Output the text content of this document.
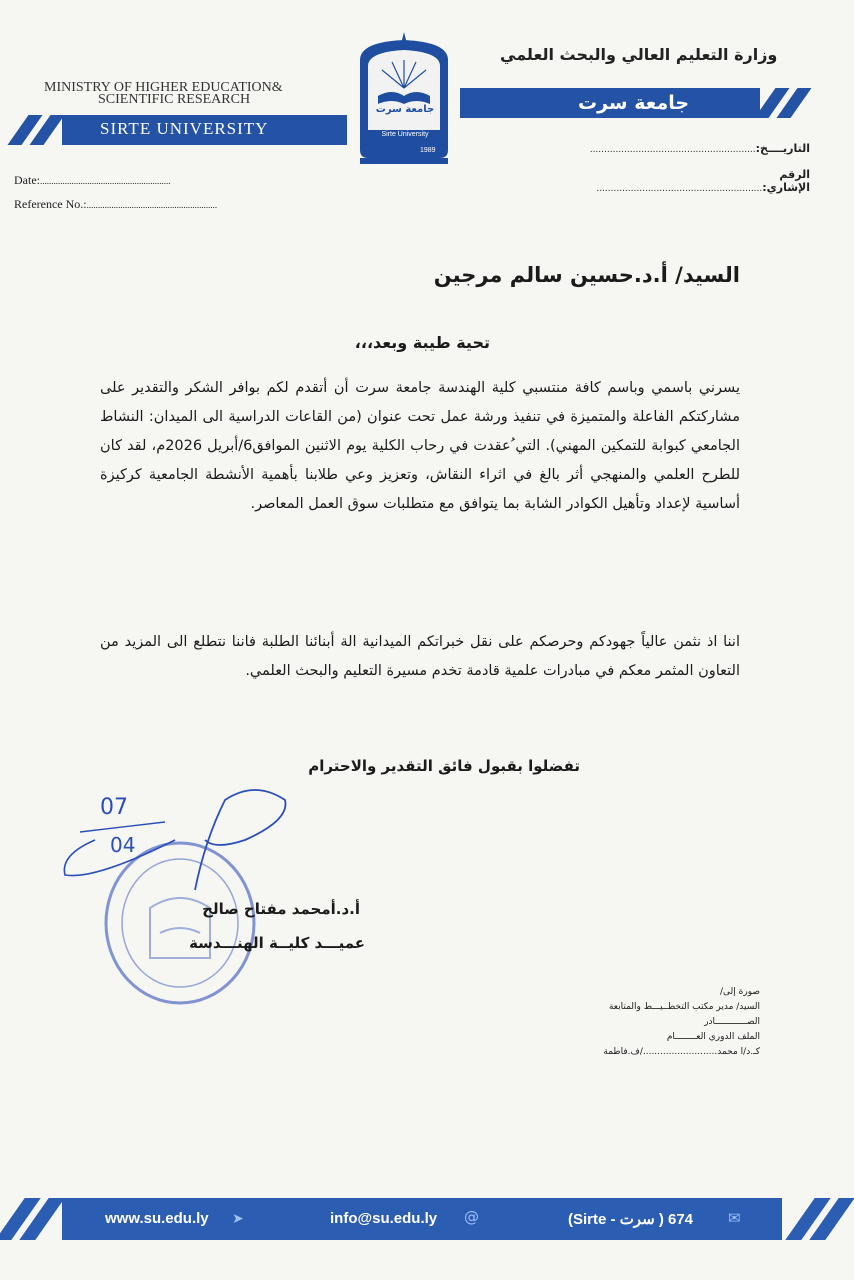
MINISTRY OF HIGHER EDUCATION&
SCIENTIFIC RESEARCH
SIRTE UNIVERSITY
جامعة سرت
وزارة التعليم العالي والبحث العلمي
جامعة سرت
Sirte University
1989
Date:..........................................................
Reference No.:..........................................................
التاريــــخ:..........................................................
الرقم الإشاري:..........................................................
السيد/ أ.د.حسين سالم مرجين
تحية طيبة وبعد،،،
يسرني باسمي وباسم كافة منتسبي كلية الهندسة جامعة سرت أن أتقدم لكم بوافر الشكر والتقدير على مشاركتكم الفاعلة والمتميزة في تنفيذ ورشة عمل تحت عنوان (من القاعات الدراسية الى الميدان: النشاط الجامعي كبوابة للتمكين المهني). التي ُعقدت في رحاب الكلية يوم الاثنين الموافق6/أبريل 2026م، لقد كان للطرح العلمي والمنهجي أثر بالغ في اثراء النقاش، وتعزيز وعي طلابنا بأهمية الأنشطة الجامعية كركيزة أساسية لإعداد وتأهيل الكوادر الشابة بما يتوافق مع متطلبات سوق العمل المعاصر.
اننا اذ نثمن عالياً جهودكم وحرصكم على نقل خبراتكم الميدانية الة أبنائنا الطلبة فاننا نتطلع الى المزيد من التعاون المثمر معكم في مبادرات علمية قادمة تخدم مسيرة التعليم والبحث العلمي.
تفضلوا بقبول فائق التقدير والاحترام
07
04
أ.د.أمحمد مفتاح صالح
عميـــد كليــة الهنـــدسة
صورة إلى/
السيد/ مدير مكتب التخطــيـــط والمتابعة
الصــــــــــــادر
الملف الدوري العــــــــام
كـ.د/ا محمد........................../ف.فاطمة
www.su.edu.ly ➤	info@su.edu.ly @	674 ( سرت - Sirte) ✉
